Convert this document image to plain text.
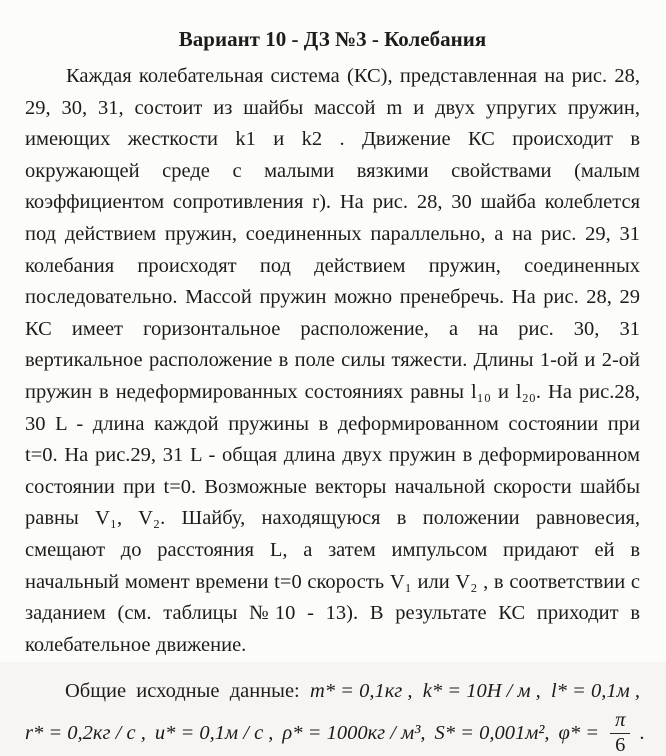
Вариант 10 - ДЗ №3 - Колебания

Каждая колебательная система (КС), представленная на рис. 28, 29, 30, 31, состоит из шайбы массой m и двух упругих пружин, имеющих жесткости k1 и k2 . Движение КС происходит в окружающей среде с малыми вязкими свойствами (малым коэффициентом сопротивления r). На рис. 28, 30 шайба колеблется под действием пружин, соединенных параллельно, а на рис. 29, 31 колебания происходят под действием пружин, соединенных последовательно. Массой пружин можно пренебречь. На рис. 28, 29 КС имеет горизонтальное расположение, а на рис. 30, 31 вертикальное расположение в поле силы тяжести. Длины 1-ой и 2-ой пружин в недеформированных состояниях равны l₁₀ и l₂₀. На рис.28, 30 L - длина каждой пружины в деформированном состоянии при t=0. На рис.29, 31 L - общая длина двух пружин в деформированном состоянии при t=0. Возможные векторы начальной скорости шайбы равны V₁, V₂. Шайбу, находящуюся в положении равновесия, смещают до расстояния L, а затем импульсом придают ей в начальный момент времени t=0 скорость V₁ или V₂ , в соответствии с заданием (см. таблицы №10 - 13). В результате КС приходит в колебательное движение.

Общие исходные данные: m* = 0,1кг , k* = 10Н / м , l* = 0,1м ,
r* = 0,2кг / с , u* = 0,1м / с , ρ* = 1000кг / м³, S* = 0,001м², $\varphi* = \frac{\pi}{6}$ .
